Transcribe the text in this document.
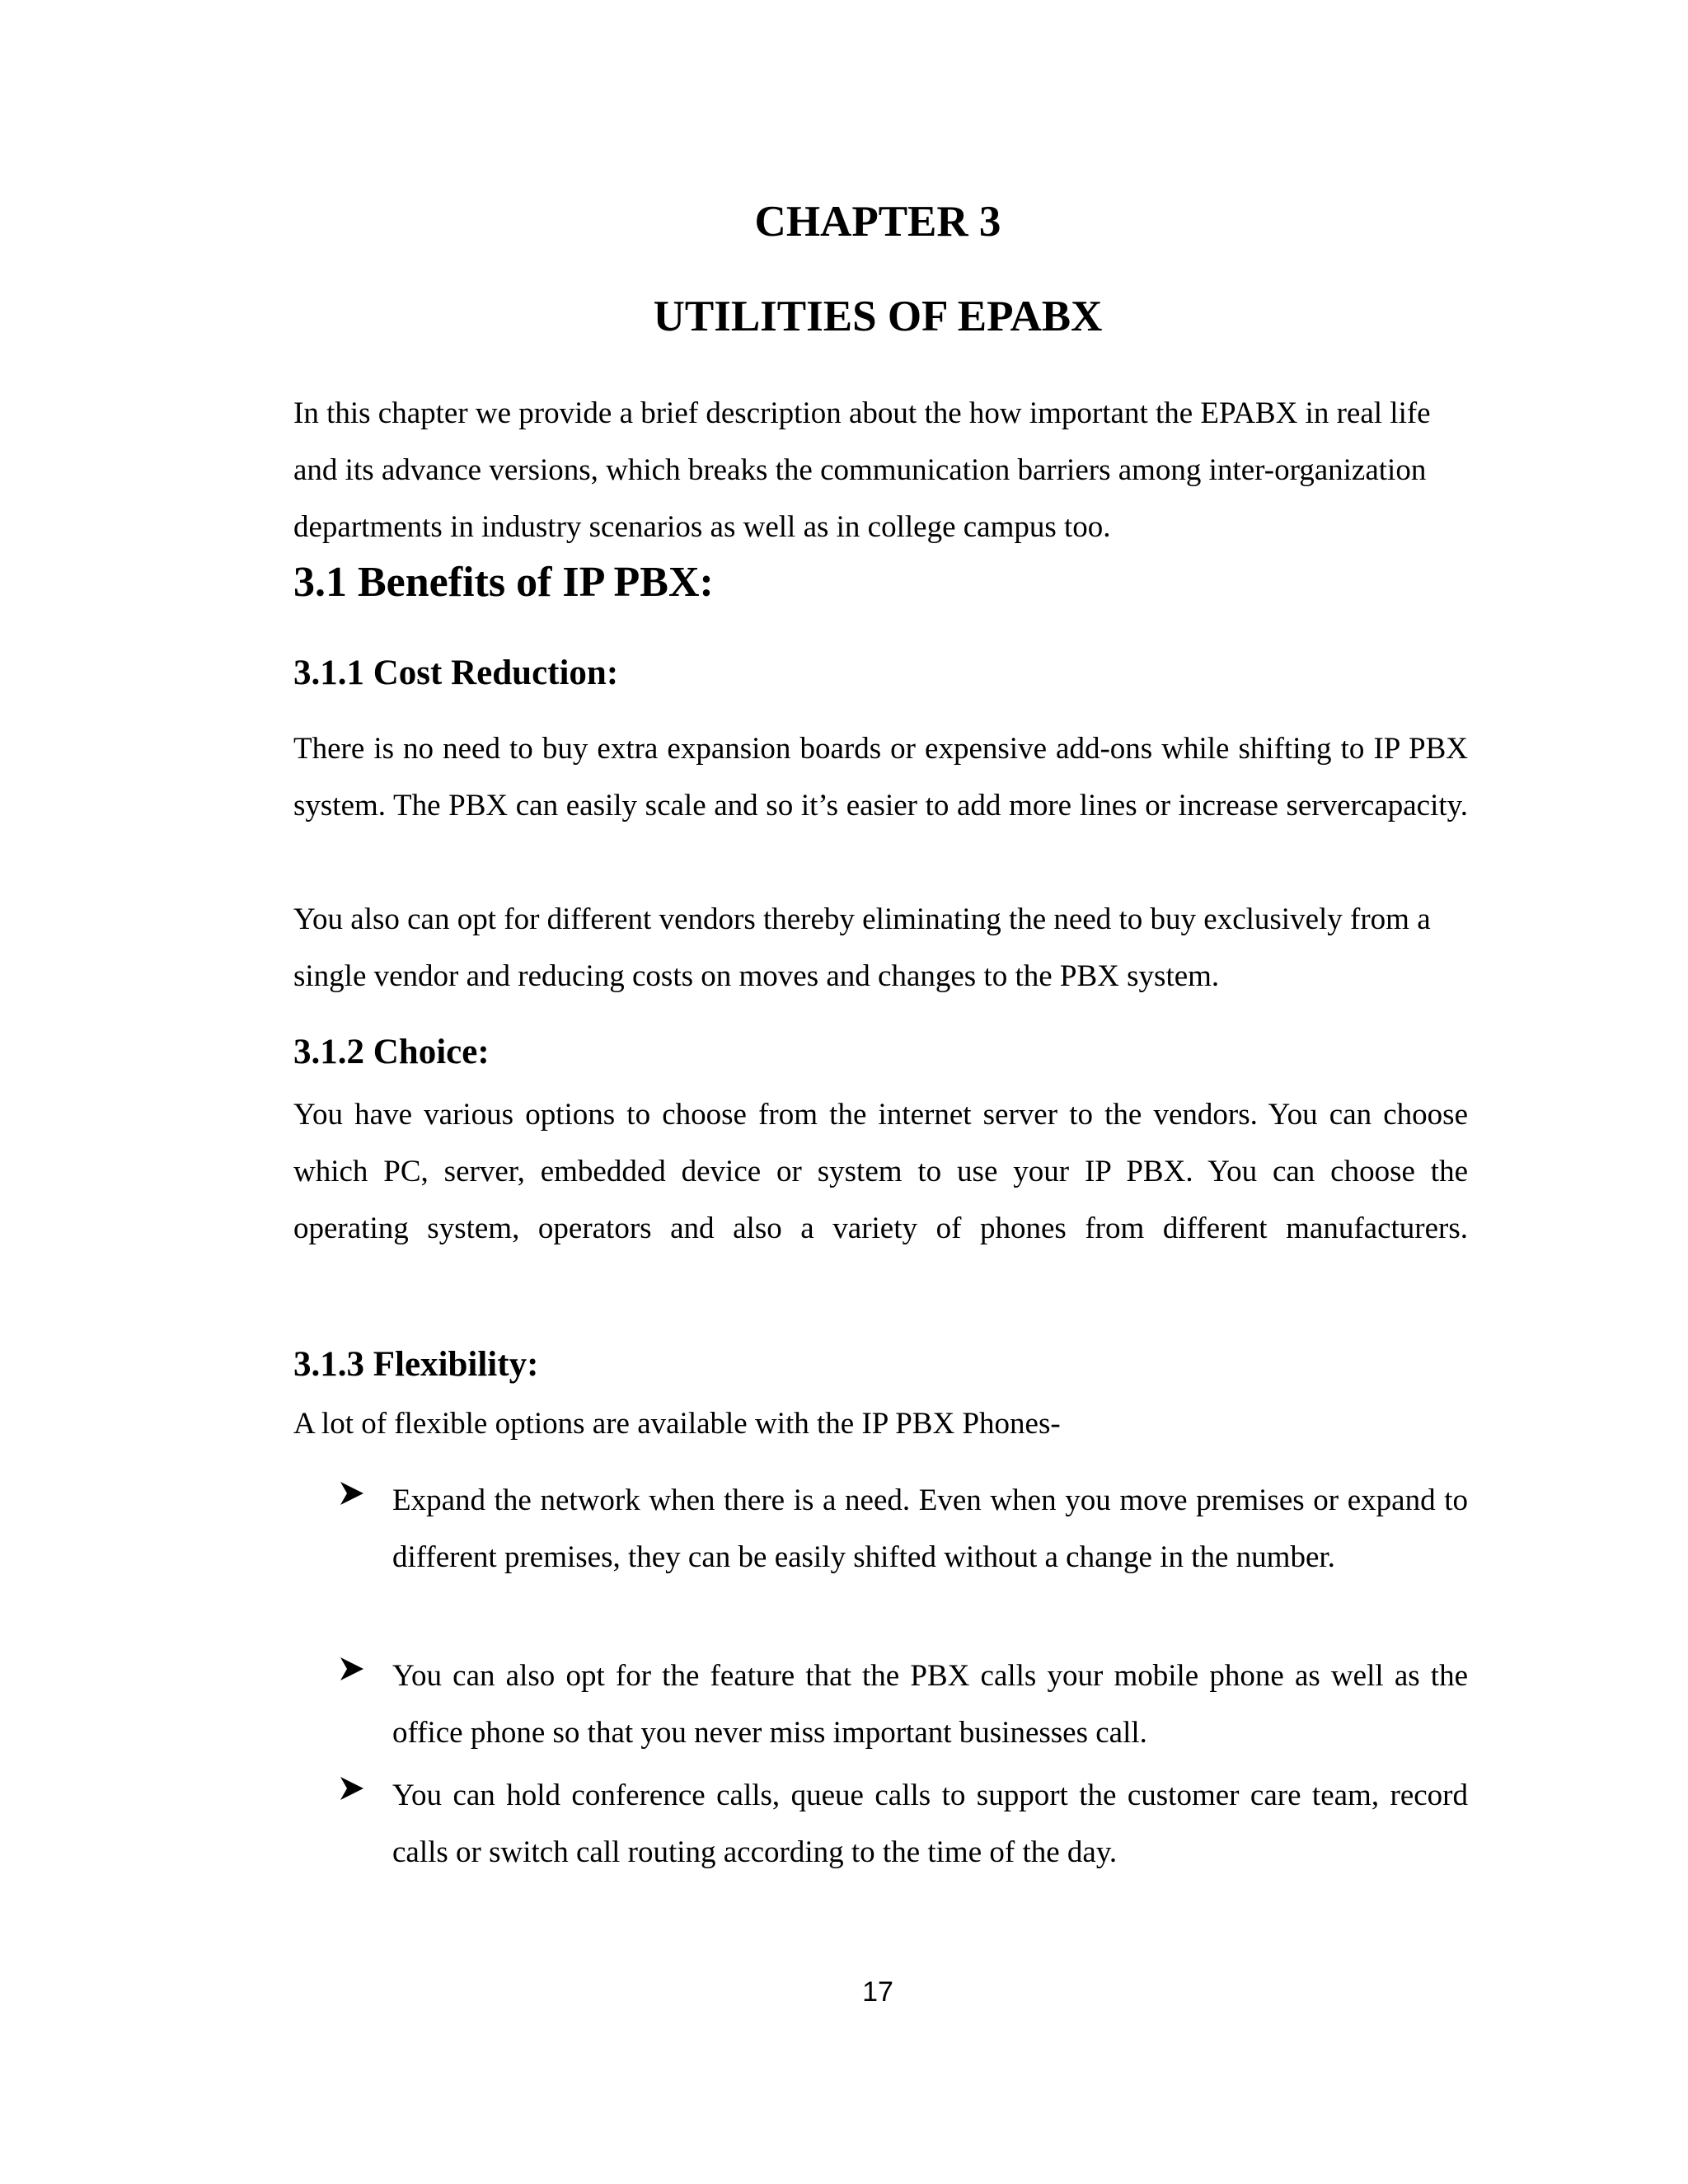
CHAPTER 3
UTILITIES OF EPABX

In this chapter we provide a brief description about the how important the EPABX in real life and its advance versions, which breaks the communication barriers among inter-organization departments in industry scenarios as well as in college campus too.

3.1 Benefits of IP PBX:
3.1.1 Cost Reduction:

There is no need to buy extra expansion boards or expensive add-ons while shifting to IP PBX system. The PBX can easily scale and so it’s easier to add more lines or increase servercapacity.

You also can opt for different vendors thereby eliminating the need to buy exclusively from a single vendor and reducing costs on moves and changes to the PBX system.

3.1.2 Choice:

You have various options to choose from the internet server to the vendors. You can choose which PC, server, embedded device or system to use your IP PBX. You can choose the operating system, operators and also a variety of phones from different manufacturers.

3.1.3 Flexibility:

A lot of flexible options are available with the IP PBX Phones-

Expand the network when there is a need. Even when you move premises or expand to different premises, they can be easily shifted without a change in the number.

You can also opt for the feature that the PBX calls your mobile phone as well as the office phone so that you never miss important businesses call.

You can hold conference calls, queue calls to support the customer care team, record calls or switch call routing according to the time of the day.

17
